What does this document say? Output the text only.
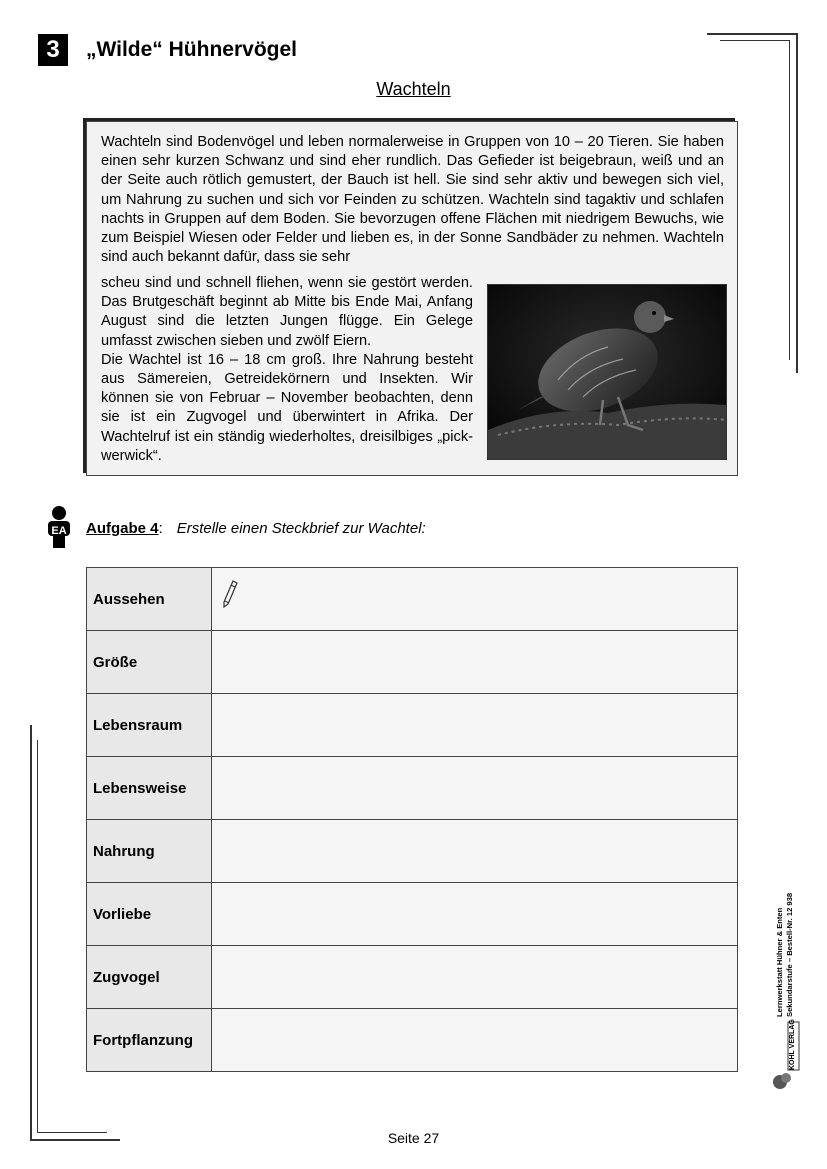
3	„Wilde“ Hühnervögel
Wachteln
Wachteln sind Bodenvögel und leben normalerweise in Gruppen von 10 – 20 Tieren. Sie haben einen sehr kurzen Schwanz und sind eher rundlich. Das Gefieder ist beigebraun, weiß und an der Seite auch rötlich gemustert, der Bauch ist hell. Sie sind sehr aktiv und bewegen sich viel, um Nahrung zu suchen und sich vor Feinden zu schützen. Wachteln sind tagaktiv und schlafen nachts in Gruppen auf dem Boden. Sie bevorzugen offene Flächen mit niedrigem Bewuchs, wie zum Beispiel Wiesen oder Felder und lieben es, in der Sonne Sandbäder zu nehmen. Wachteln sind auch bekannt dafür, dass sie sehr

scheu sind und schnell fliehen, wenn sie gestört werden. Das Brutgeschäft beginnt ab Mitte bis Ende Mai, Anfang August sind die letzten Jungen flügge. Ein Gelege umfasst zwischen sieben und zwölf Eiern.

Die Wachtel ist 16 – 18 cm groß. Ihre Nahrung besteht aus Sämereien, Getreidekörnern und Insekten. Wir können sie von Februar – November beobachten, denn sie ist ein Zugvogel und überwintert in Afrika. Der Wachtelruf ist ein ständig wiederholtes, dreisilbiges „pick-werwick“.

EA Aufgabe 4: Erstelle einen Steckbrief zur Wachtel:
Aussehen	

Größe	
Lebensraum	
Lebensweise	
Nahrung	
Vorliebe	
Zugvogel	
Fortpflanzung	
Lernwerkstatt Hühner & Enten
Sekundarstufe – Bestell-Nr. 12 938
KOHL VERLAG
Seite 27
